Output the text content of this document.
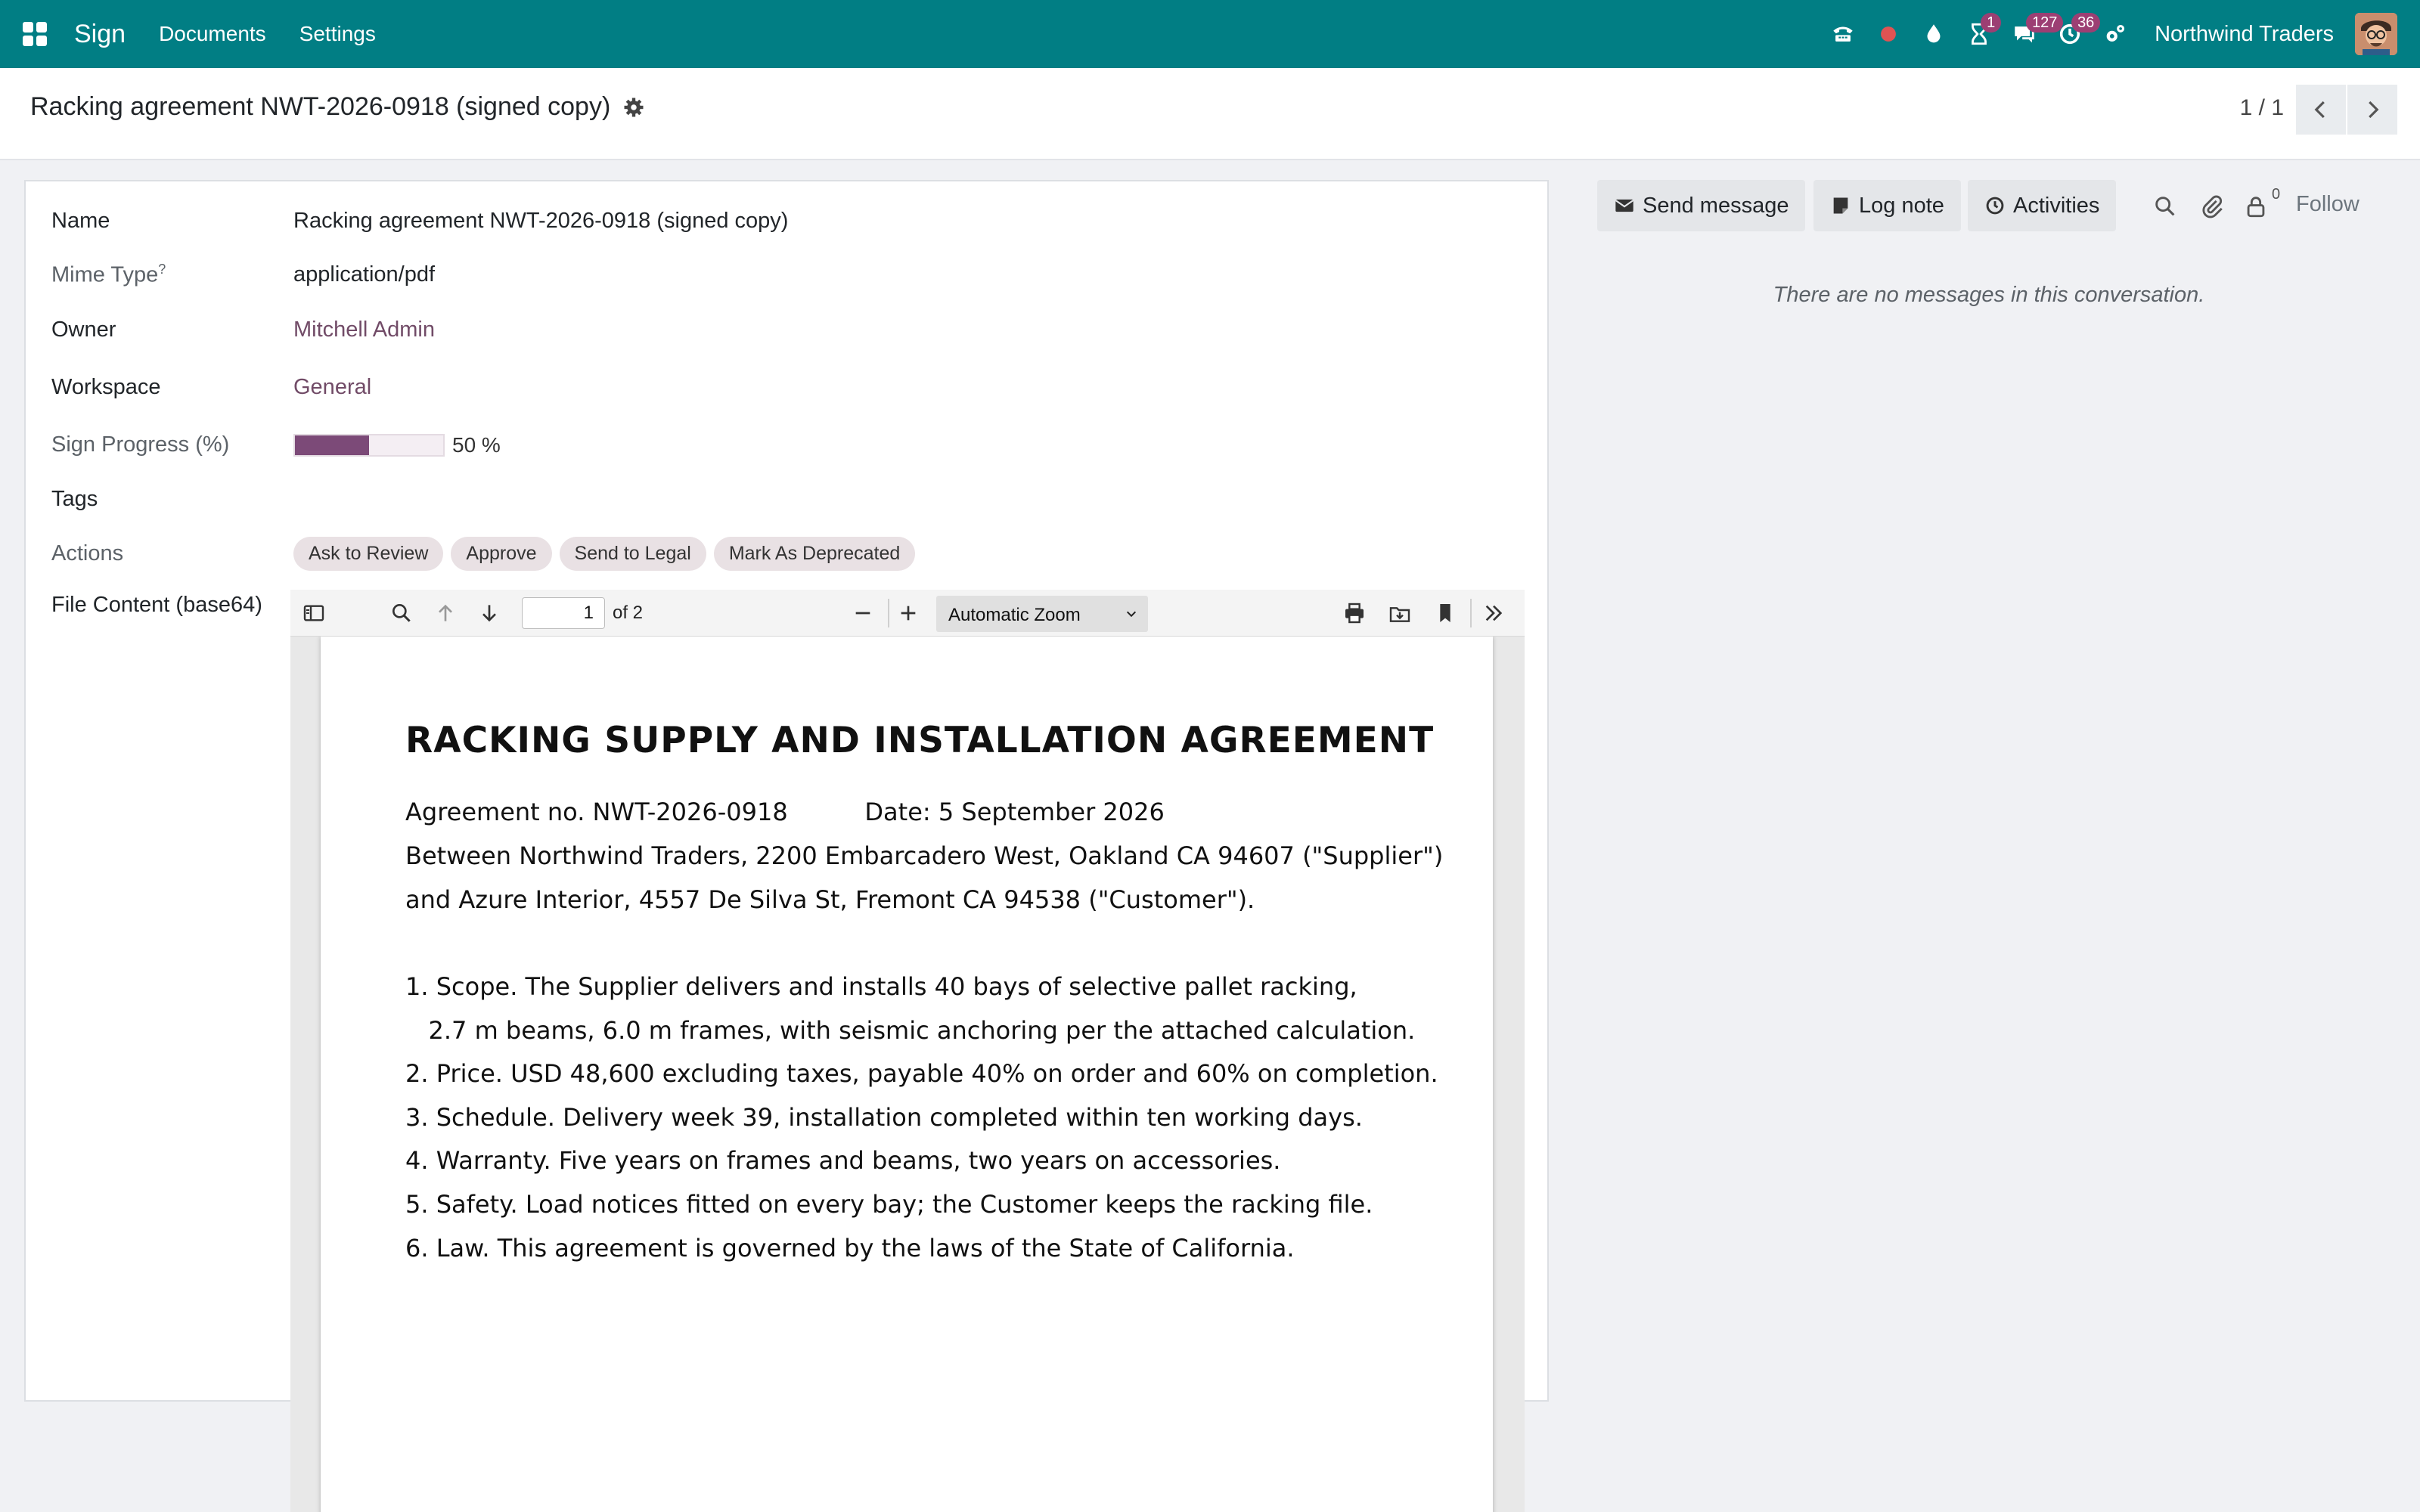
Sign Documents Settings	1	127	36	Northwind Traders
Racking agreement NWT-2026-0918 (signed copy)	1 / 1
Name	Racking agreement NWT-2026-0918 (signed copy)
Mime Type?	application/pdf
Owner	Mitchell Admin
Workspace	General
Sign Progress (%)	50 %
Tags
Actions	Ask to Review	Approve	Send to Legal	Mark As Deprecated
File Content (base64)	1	of 2	Automatic Zoom
RACKING SUPPLY AND INSTALLATION AGREEMENT
Agreement no. NWT-2026-0918          Date: 5 September 2026
Between Northwind Traders, 2200 Embarcadero West, Oakland CA 94607 ("Supplier")
and Azure Interior, 4557 De Silva St, Fremont CA 94538 ("Customer").
1. Scope. The Supplier delivers and installs 40 bays of selective pallet racking,
2.7 m beams, 6.0 m frames, with seismic anchoring per the attached calculation.
2. Price. USD 48,600 excluding taxes, payable 40% on order and 60% on completion.
3. Schedule. Delivery week 39, installation completed within ten working days.
4. Warranty. Five years on frames and beams, two years on accessories.
5. Safety. Load notices fitted on every bay; the Customer keeps the racking file.
6. Law. This agreement is governed by the laws of the State of California.
Send message	Log note	Activities	0 Follow
There are no messages in this conversation.
